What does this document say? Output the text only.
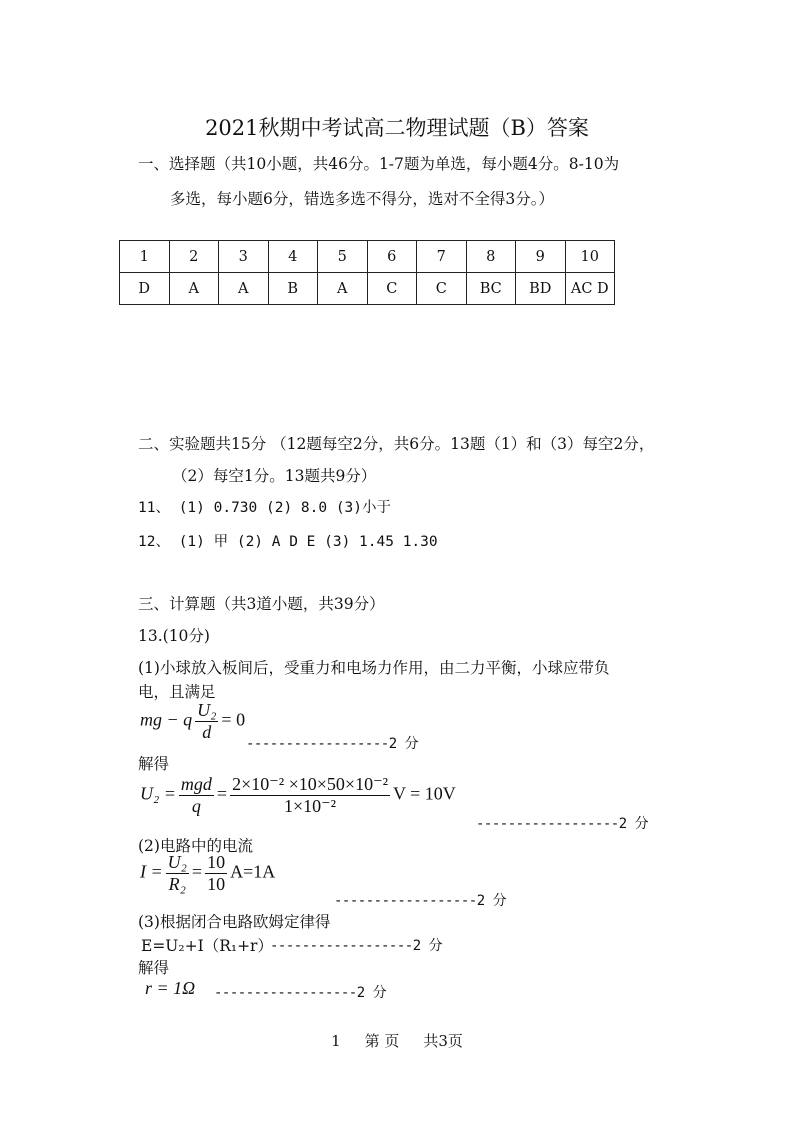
2021秋期中考试高二物理试题（B）答案
一、选择题（共10小题，共46分。1-7题为单选，每小题4分。8-10为
多选，每小题6分，错选多选不得分，选对不全得3分。）
1	2	3	4	5	6	7	8	9	10
D	A	A	B	A	C	C	BC	BD	AC D
二、实验题共15分 （12题每空2分，共6分。13题（1）和（3）每空2分，
（2）每空1分。13题共9分）
11、 (1) 0.730 (2) 8.0 (3)小于
12、 (1) 甲 (2) A D E (3) 1.45 1.30
三、计算题（共3道小题，共39分）
13.(10分)
(1)小球放入板间后，受重力和电场力作用，由二力平衡，小球应带负
电，且满足
mg − q $\frac{\text{U₂}}{d} = 0$
------------------2 分
解得
$U_2 = \frac{\text{mgd}}{q} = \frac{\text{2×10⁻² ×10×50×10⁻²}}{\text{1×10⁻²}}$ V = 10V
------------------2 分
(2)电路中的电流
$I = \frac{\text{U₂}}{\text{R₂}} = \frac{10}{10} A=1A$
------------------2 分
(3)根据闭合电路欧姆定律得
E=U₂+I（R₁+r）
------------------2 分
解得
r = 1Ω ------------------2 分
1 第 页 共3页
